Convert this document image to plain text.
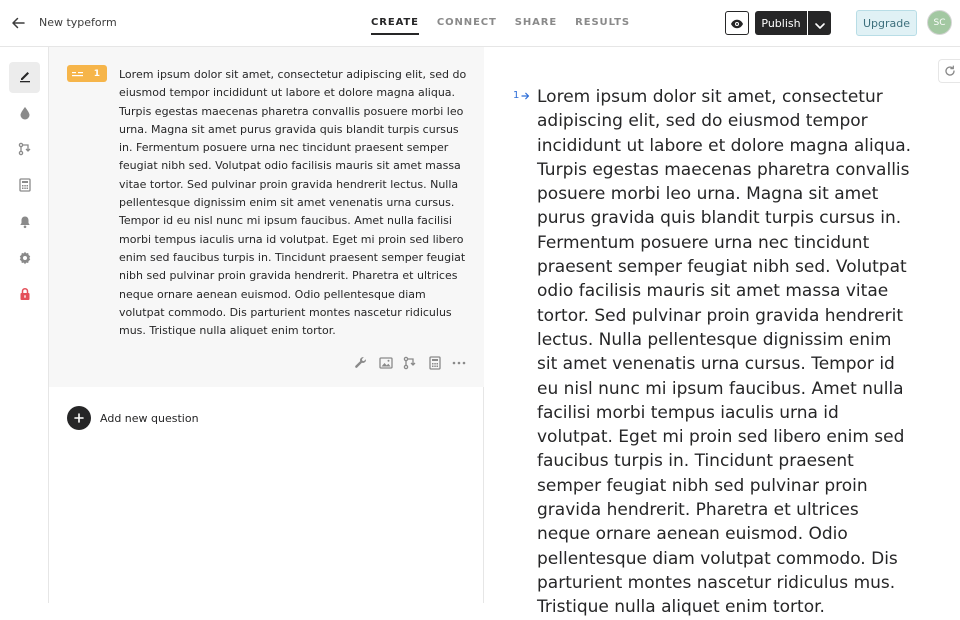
New typeform	CREATE CONNECT SHARE RESULTS	Publish	Upgrade	SC
1 Lorem ipsum dolor sit amet, consectetur adipiscing elit, sed do eiusmod tempor incididunt ut labore et dolore magna aliqua. Turpis egestas maecenas pharetra convallis posuere morbi leo urna. Magna sit amet purus gravida quis blandit turpis cursus in. Fermentum posuere urna nec tincidunt praesent semper feugiat nibh sed. Volutpat odio facilisis mauris sit amet massa vitae tortor. Sed pulvinar proin gravida hendrerit lectus. Nulla pellentesque dignissim enim sit amet venenatis urna cursus. Tempor id eu nisl nunc mi ipsum faucibus. Amet nulla facilisi morbi tempus iaculis urna id volutpat. Eget mi proin sed libero enim sed faucibus turpis in. Tincidunt praesent semper feugiat nibh sed pulvinar proin gravida hendrerit. Pharetra et ultrices neque ornare aenean euismod. Odio pellentesque diam volutpat commodo. Dis parturient montes nascetur ridiculus mus. Tristique nulla aliquet enim tortor.
Add new question
1 Lorem ipsum dolor sit amet, consectetur adipiscing elit, sed do eiusmod tempor incididunt ut labore et dolore magna aliqua. Turpis egestas maecenas pharetra convallis posuere morbi leo urna. Magna sit amet purus gravida quis blandit turpis cursus in. Fermentum posuere urna nec tincidunt praesent semper feugiat nibh sed. Volutpat odio facilisis mauris sit amet massa vitae tortor. Sed pulvinar proin gravida hendrerit lectus. Nulla pellentesque dignissim enim sit amet venenatis urna cursus. Tempor id eu nisl nunc mi ipsum faucibus. Amet nulla facilisi morbi tempus iaculis urna id volutpat. Eget mi proin sed libero enim sed faucibus turpis in. Tincidunt praesent semper feugiat nibh sed pulvinar proin gravida hendrerit. Pharetra et ultrices neque ornare aenean euismod. Odio pellentesque diam volutpat commodo. Dis parturient montes nascetur ridiculus mus. Tristique nulla aliquet enim tortor.
